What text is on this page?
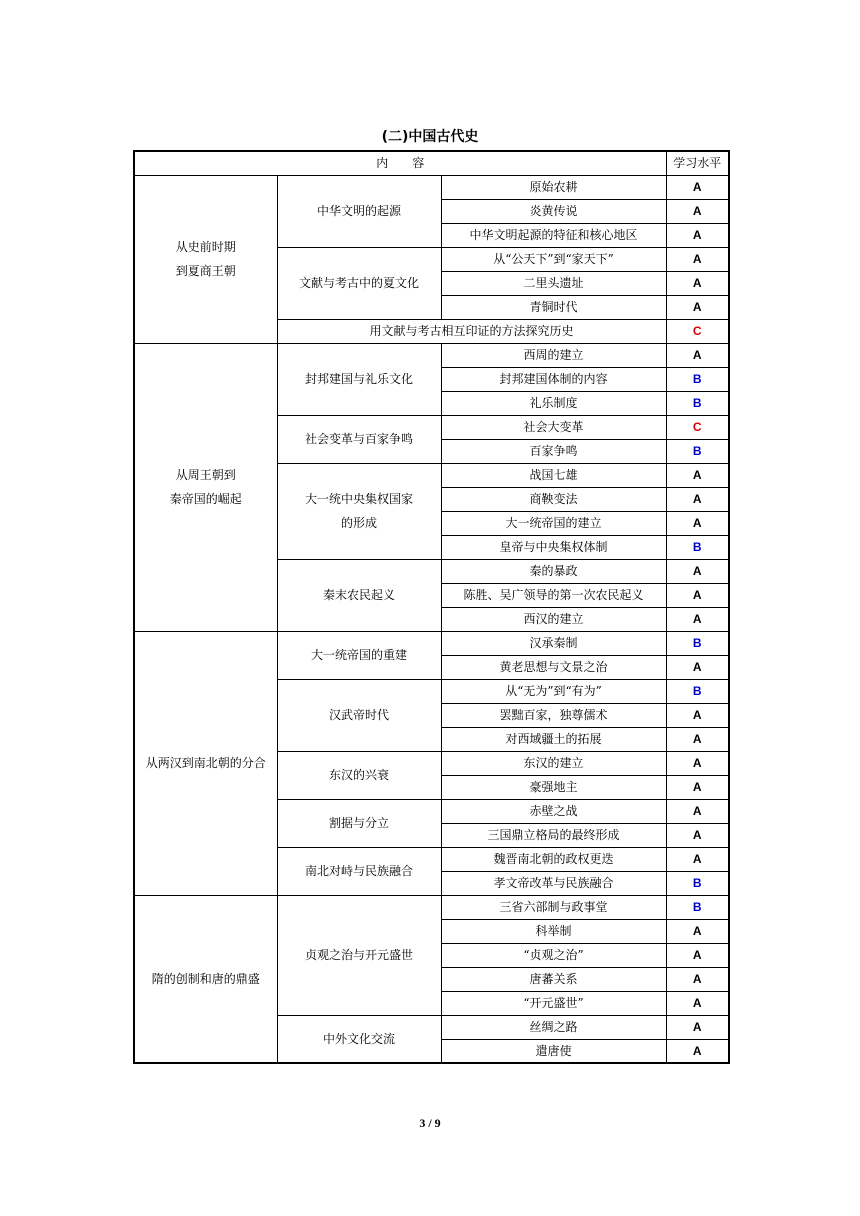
(二)中国古代史
内　　容			学习水平
从史前时期
到夏商王朝	中华文明的起源	原始农耕	A
		炎黄传说	A
		中华文明起源的特征和核心地区	A
	文献与考古中的夏文化	从“公天下”到“家天下”	A
		二里头遗址	A
		青铜时代	A
	用文献与考古相互印证的方法探究历史		C
从周王朝到
秦帝国的崛起	封邦建国与礼乐文化	西周的建立	A
		封邦建国体制的内容	B
		礼乐制度	B
	社会变革与百家争鸣	社会大变革	C
		百家争鸣	B
	大一统中央集权国家
的形成	战国七雄	A
		商鞅变法	A
		大一统帝国的建立	A
		皇帝与中央集权体制	B
	秦末农民起义	秦的暴政	A
		陈胜、吴广领导的第一次农民起义	A
		西汉的建立	A
从两汉到南北朝的分合	大一统帝国的重建	汉承秦制	B
		黄老思想与文景之治	A
	汉武帝时代	从“无为”到“有为”	B
		罢黜百家，独尊儒术	A
		对西域疆土的拓展	A
	东汉的兴衰	东汉的建立	A
		豪强地主	A
	割据与分立	赤壁之战	A
		三国鼎立格局的最终形成	A
	南北对峙与民族融合	魏晋南北朝的政权更迭	A
		孝文帝改革与民族融合	B
隋的创制和唐的鼎盛	贞观之治与开元盛世	三省六部制与政事堂	B
		科举制	A
		“贞观之治”	A
		唐蕃关系	A
		“开元盛世”	A
	中外文化交流	丝绸之路	A
		遣唐使	A
3 / 9
